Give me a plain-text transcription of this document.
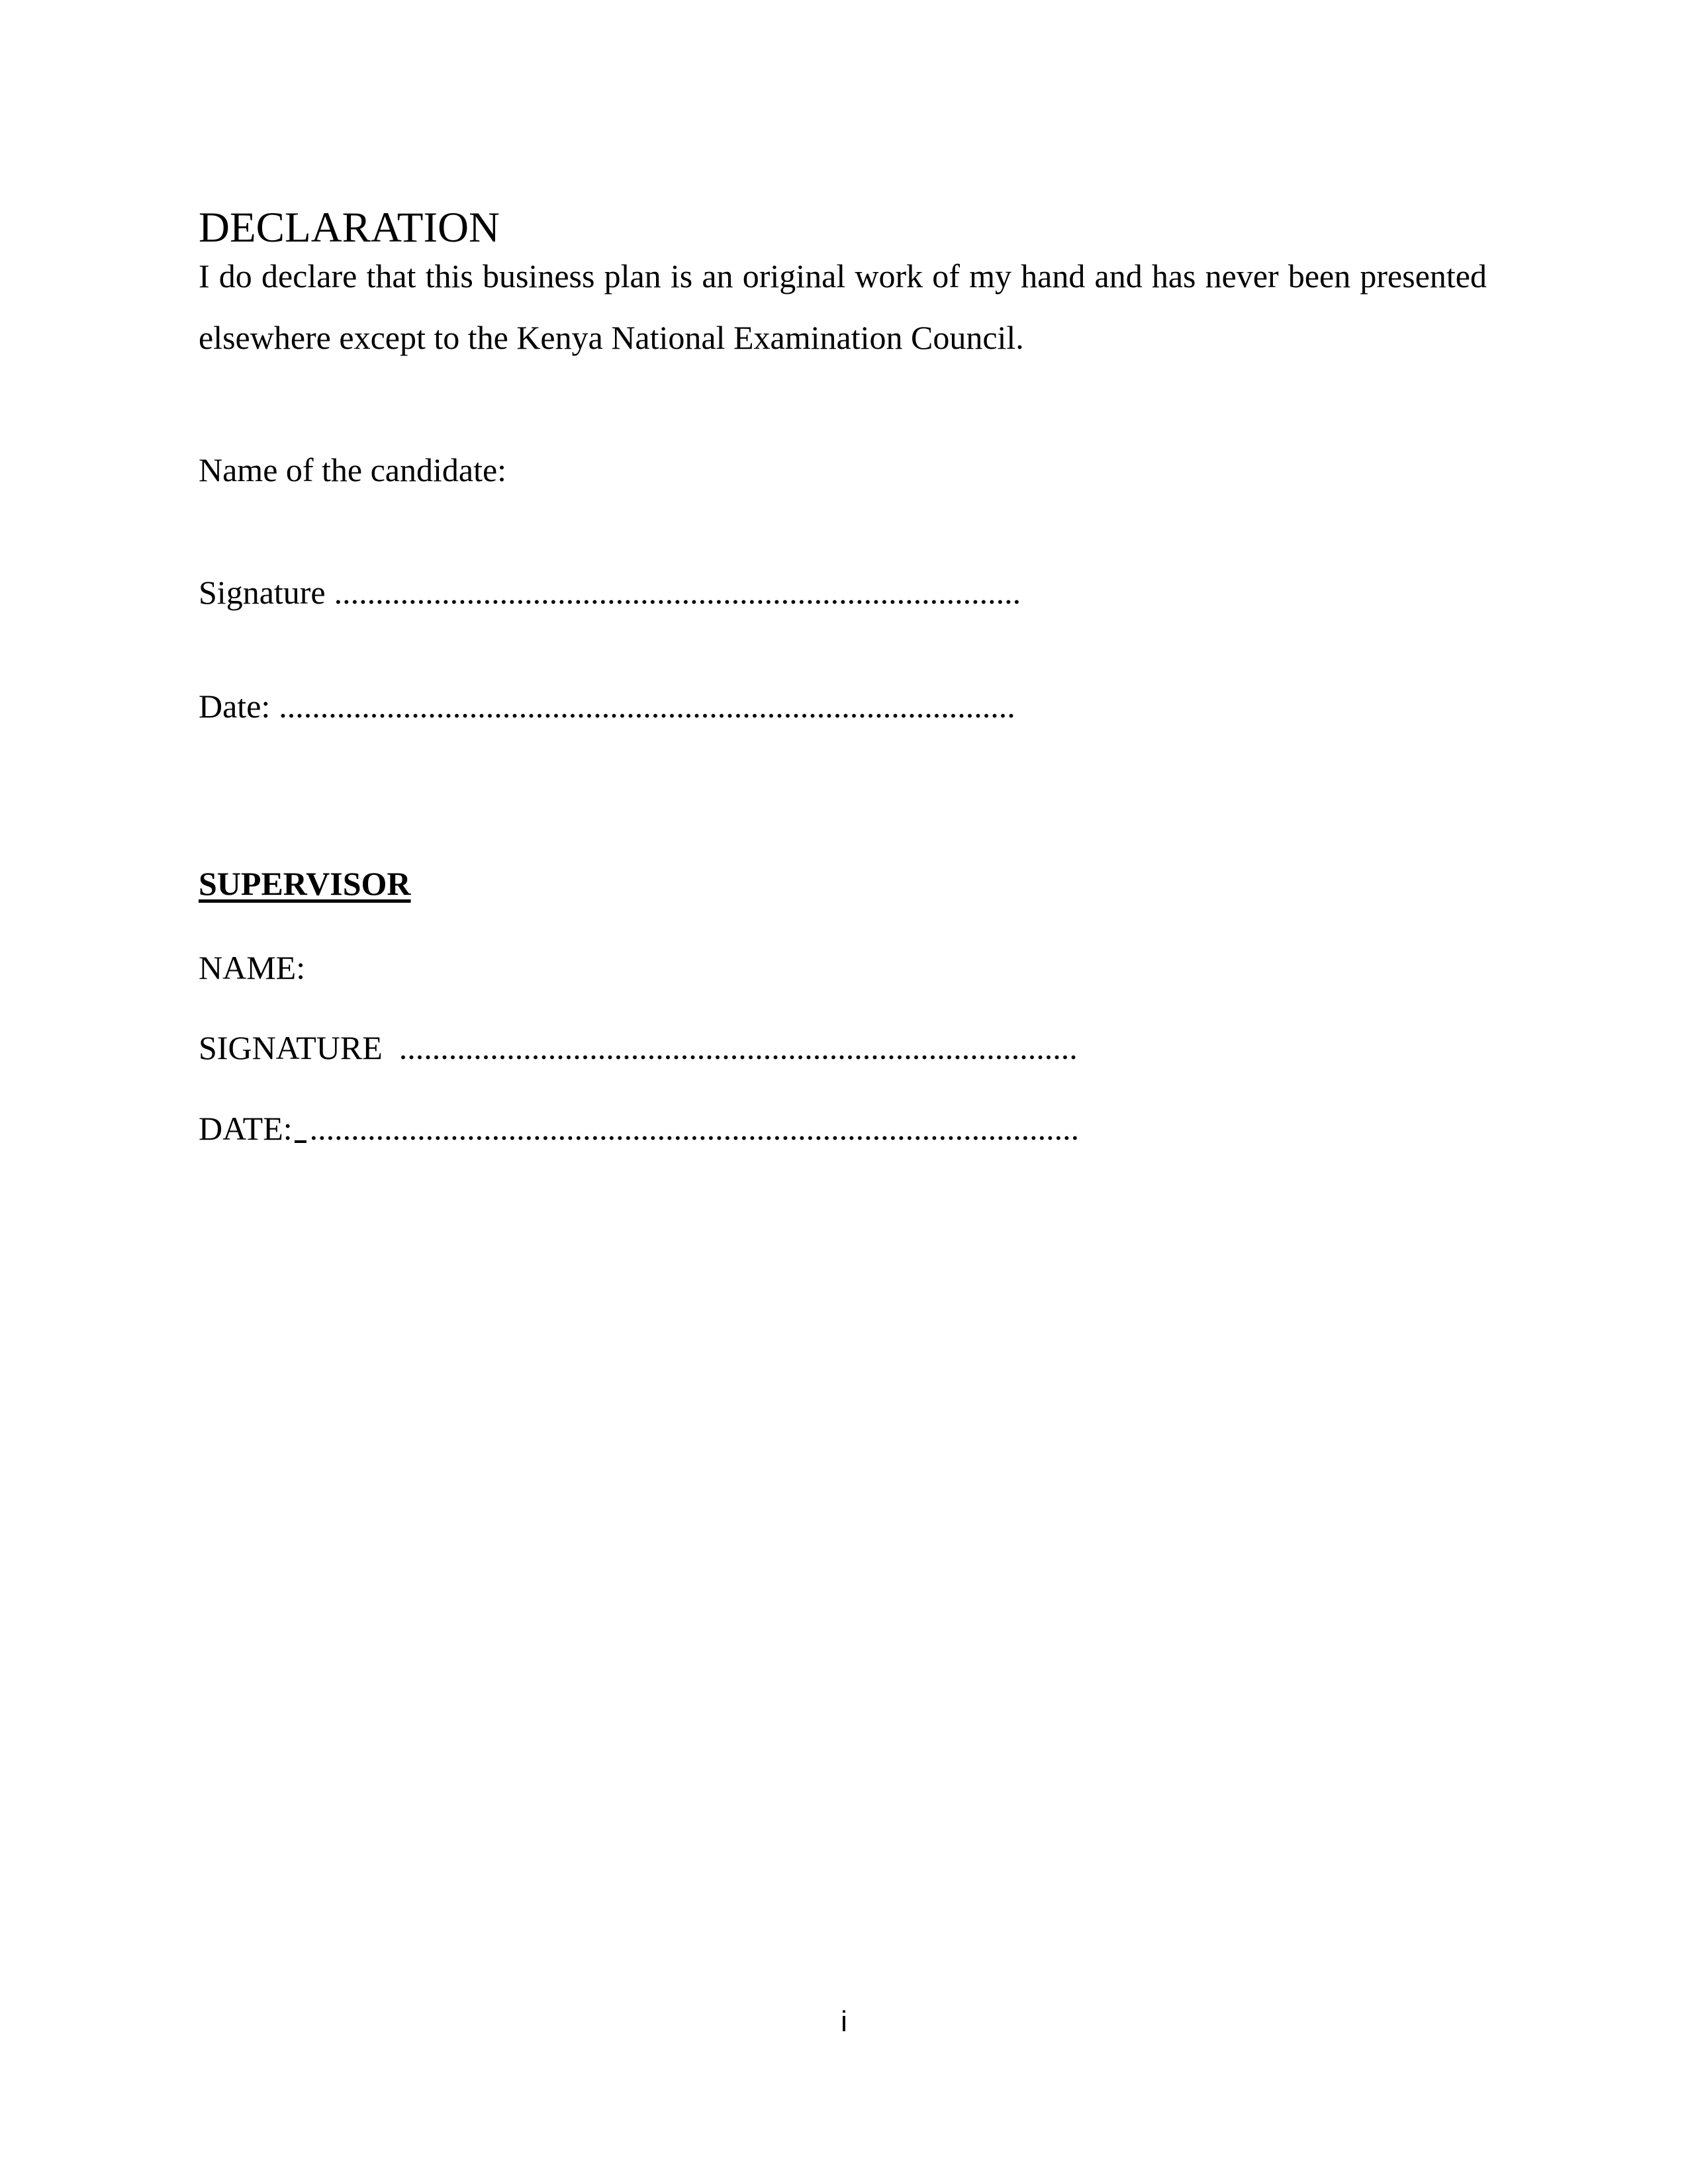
DECLARATION
I do declare that this business plan is an original work of my hand and has never been presented
elsewhere except to the Kenya National Examination Council.
Name of the candidate:
Signature ...................................................................................
Date: .........................................................................................
SUPERVISOR
NAME:
SIGNATURE ..................................................................................
DATE: .............................................................................................
i
